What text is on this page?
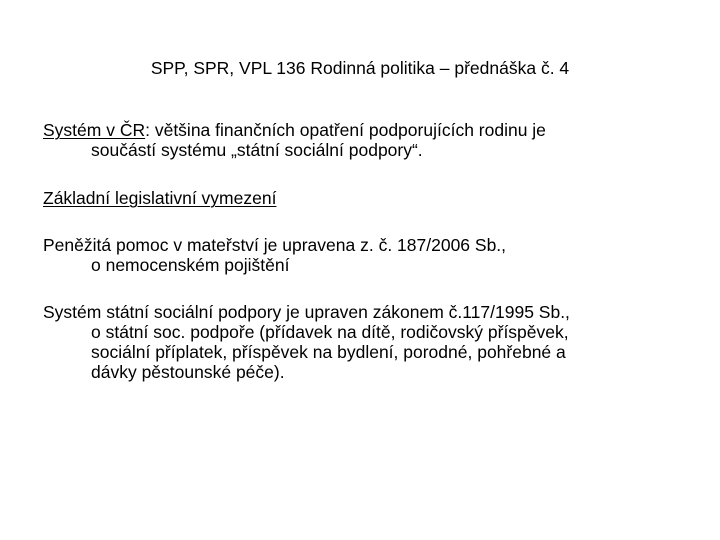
SPP, SPR, VPL 136 Rodinná politika – přednáška č. 4
Systém v ČR: většina finančních opatření podporujících rodinu je
součástí systému „státní sociální podpory“.
Základní legislativní vymezení
Peněžitá pomoc v mateřství je upravena z. č. 187/2006 Sb.,
o nemocenském pojištění
Systém státní sociální podpory je upraven zákonem č.117/1995 Sb.,
o státní soc. podpoře (přídavek na dítě, rodičovský příspěvek,
sociální příplatek, příspěvek na bydlení, porodné, pohřebné a
dávky pěstounské péče).
